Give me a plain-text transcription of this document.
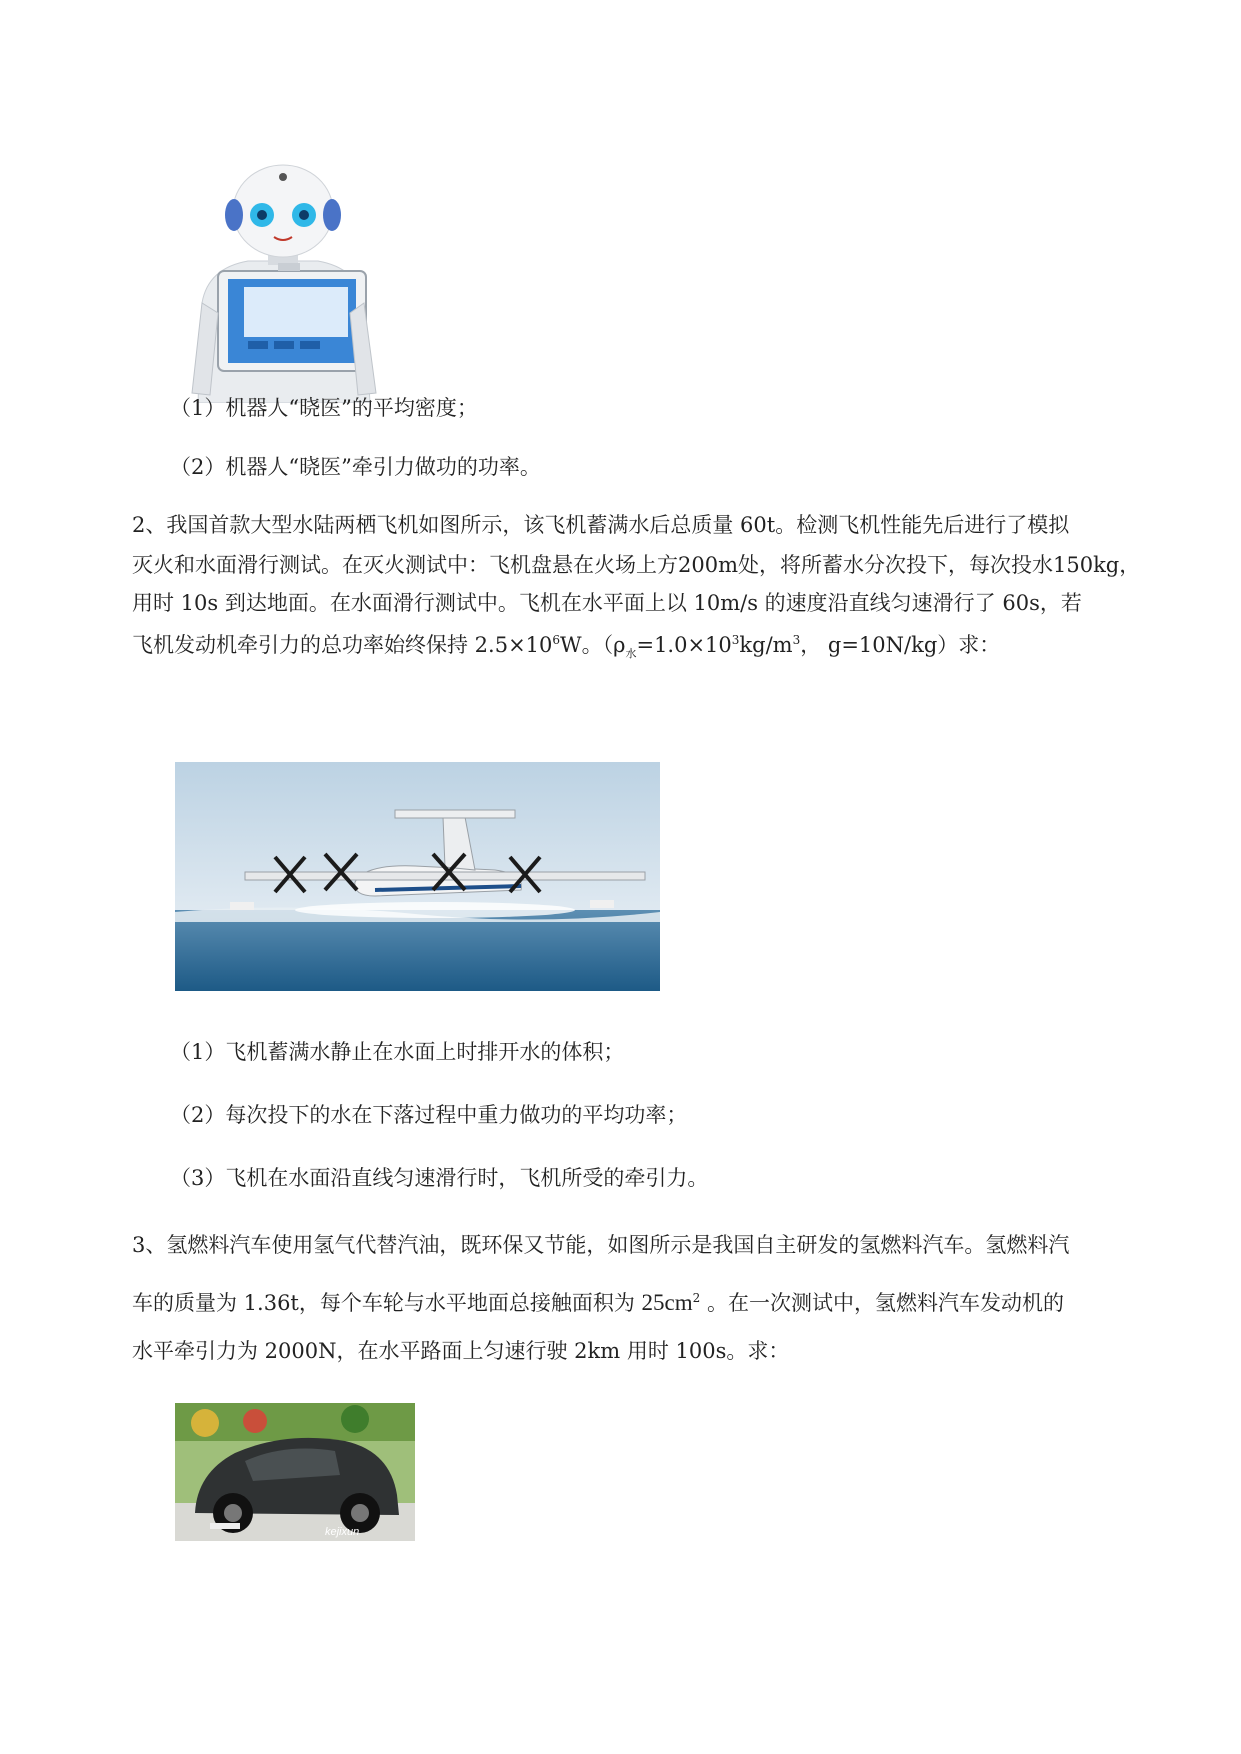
（1）机器人“晓医”的平均密度；
（2）机器人“晓医”牵引力做功的功率。
2、我国首款大型水陆两栖飞机如图所示，该飞机蓄满水后总质量 60t。检测飞机性能先后进行了模拟
灭火和水面滑行测试。在灭火测试中：飞机盘悬在火场上方200m处，将所蓄水分次投下，每次投水150kg，
用时 10s 到达地面。在水面滑行测试中。飞机在水平面上以 10m/s 的速度沿直线匀速滑行了 60s，若
飞机发动机牵引力的总功率始终保持 $2.5\times 10^6W$。（$\rho_水=1.0\times 10^3kg/m^3$， g=10N/kg）求：
（1）飞机蓄满水静止在水面上时排开水的体积；
（2）每次投下的水在下落过程中重力做功的平均功率；
（3）飞机在水面沿直线匀速滑行时，飞机所受的牵引力。
3、氢燃料汽车使用氢气代替汽油，既环保又节能，如图所示是我国自主研发的氢燃料汽车。氢燃料汽
车的质量为 1.36t，每个车轮与水平地面总接触面积为 $25cm^2$ 。在一次测试中，氢燃料汽车发动机的
水平牵引力为 2000N，在水平路面上匀速行驶 2km 用时 100s。求：
kejixun
